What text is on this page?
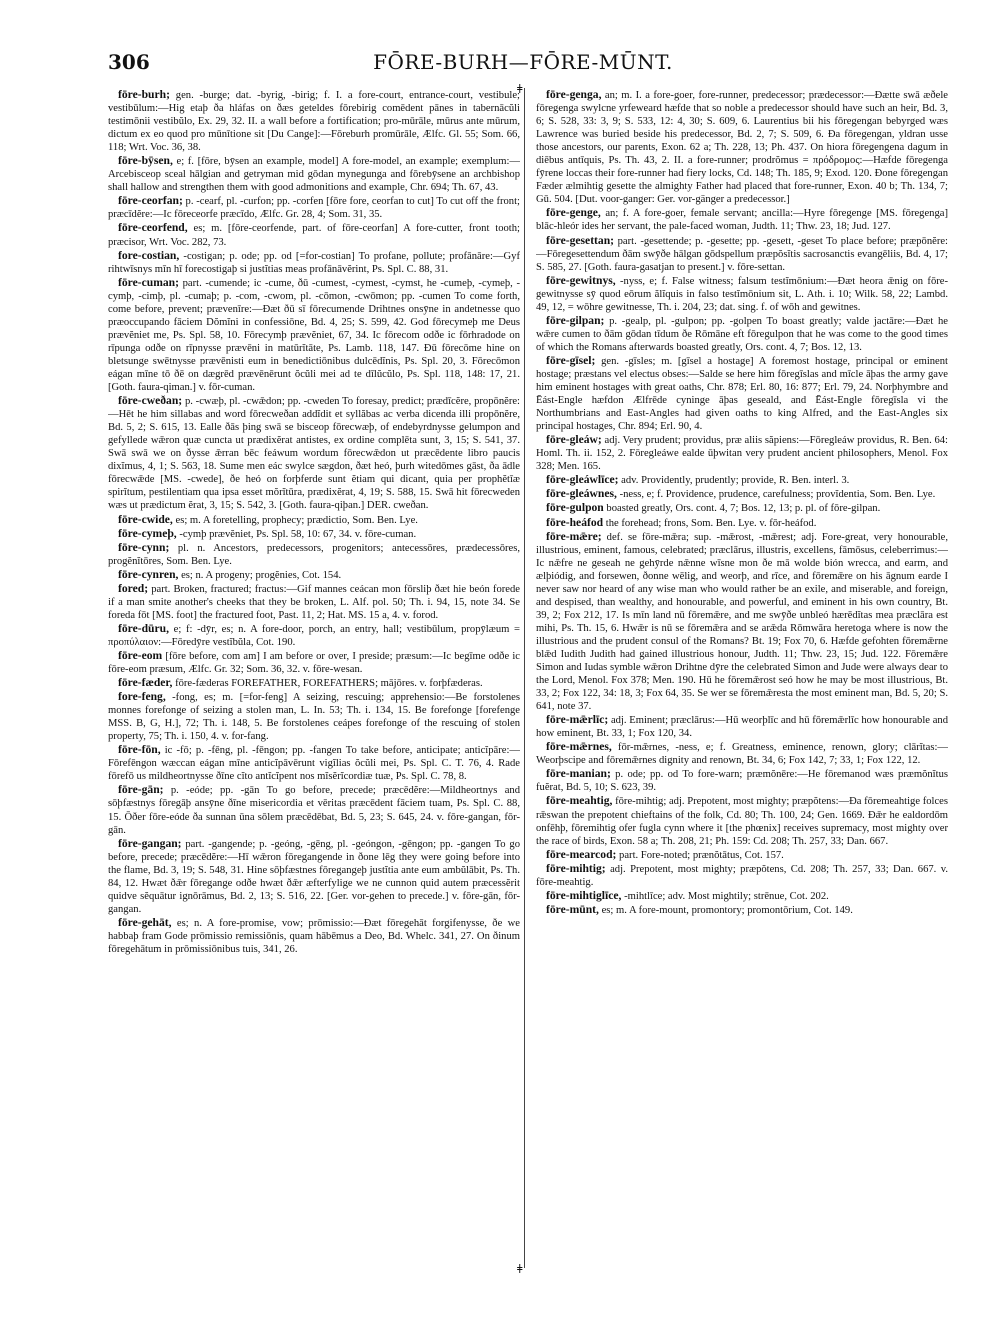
306	FŌRE-BURH—FŌRE-MŪNT.
ǂ
ǂ

fōre-burh; gen. -burge; dat. -byrig, -birig; f. I. a fore-court, entrance-court, vestibule; vestibūlum:—Hig etaþ ða hláfas on ðæs geteldes fōrebirig comēdent pānes in tabernācŭli testimōnii vestibŭlo, Ex. 29, 32. II. a wall before a fortification; pro-mūrāle, mūrus ante mūrum, dictum ex eo quod pro mūnītione sit [Du Cange]:—Fōreburh promūrāle, Ælfc. Gl. 55; Som. 66, 118; Wrt. Voc. 36, 38.

fōre-bȳsen, e; f. [fōre, bȳsen an example, model] A fore-model, an example; exemplum:—Arcebisceop sceal hālgian and getryman mid gōdan mynegunga and fōrebȳsene an archbishop shall hallow and strengthen them with good admonitions and example, Chr. 694; Th. 67, 43.

fōre-ceorfan; p. -cearf, pl. -curfon; pp. -corfen [fōre fore, ceorfan to cut] To cut off the front; præcīdĕre:—Ic fōreceorfe præcīdo, Ælfc. Gr. 28, 4; Som. 31, 35.

fōre-ceorfend, es; m. [fōre-ceorfende, part. of fōre-ceorfan] A fore-cutter, front tooth; præcisor, Wrt. Voc. 282, 73.

fore-costian, -costigan; p. ode; pp. od [=for-costian] To profane, pollute; profānāre:—Gyf rihtwīsnys mīn hī forecostigaþ si justĭtias meas profānāvĕrint, Ps. Spl. C. 88, 31.

fōre-cuman; part. -cumende; ic -cume, ðū -cumest, -cymest, -cymst, he -cumeþ, -cymeþ, -cymþ, -cimþ, pl. -cumaþ; p. -com, -cwom, pl. -cōmon, -cwōmon; pp. -cumen To come forth, come before, prevent; prævenīre:—Ðæt ðū sī fōrecumende Drihtnes onsȳne in andetnesse quo præoccupando fāciem Dŏmĭni in confessiōne, Bd. 4, 25; S. 599, 42. God fōrecymeþ me Deus prævĕniet me, Ps. Spl. 58, 10. Fōrecymþ prævĕniet, 67, 34. Ic fōrecom odðe ic fōrhradode on rīpunga odðe on rīpnysse prævēni in matūrĭtāte, Ps. Lamb. 118, 147. Ðū fōrecōme hine on bletsunge swētnysse prævēnisti eum in benedictiōnibus dulcēdĭnis, Ps. Spl. 20, 3. Fōrecōmon eágan mīne tō ðē on dægrēd prævēnērunt ŏcŭli mei ad te dīlŭcŭlo, Ps. Spl. 118, 148: 17, 21. [Goth. faura-qiman.] v. fōr-cuman.

fōre-cweðan; p. -cwæþ, pl. -cwǣdon; pp. -cweden To foresay, predict; prædīcĕre, propōnĕre:—Hēt he him sillabas and word fōrecweðan addĭdit et syllăbas ac verba dicenda illi propōnĕre, Bd. 5, 2; S. 615, 13. Ealle ðās þing swā se bisceop fōrecwæþ, of endebyrdnysse gelumpon and gefyllede wǣron quæ cuncta ut prædixĕrat antistes, ex ordine complēta sunt, 3, 15; S. 541, 37. Swā swā we on ðysse ǣrran bēc feáwum wordum fōrecwǣdon ut præcēdente libro paucis dixĭmus, 4, 1; S. 563, 18. Sume men eác swylce sægdon, ðæt heó, þurh witedōmes gāst, ða ādle fōrecwǣde [MS. -cwede], ðe heó on forþferde sunt ĕtiam qui dicant, quia per prophĕtīæ spirĭtum, pestilentiam qua ipsa esset mŏrĭtūra, prædixĕrat, 4, 19; S. 588, 15. Swā hit fōrecweden wæs ut prædictum ĕrat, 3, 15; S. 542, 3. [Goth. faura-qiþan.] DER. cweðan.

fōre-cwide, es; m. A foretelling, prophecy; prædictio, Som. Ben. Lye.

fōre-cymeþ, -cymþ prævĕniet, Ps. Spl. 58, 10: 67, 34. v. fōre-cuman.

fōre-cynn; pl. n. Ancestors, predecessors, progenitors; antecessōres, prædecessōres, progĕnĭtōres, Som. Ben. Lye.

fōre-cynren, es; n. A progeny; progĕnies, Cot. 154.

fored; part. Broken, fractured; fractus:—Gif mannes ceácan mon fōrsliþ ðæt hie beón forede if a man smite another's cheeks that they be broken, L. Alf. pol. 50; Th. i. 94, 15, note 34. Se foreda fōt [MS. foot] the fractured foot, Past. 11, 2; Hat. MS. 15 a, 4. v. forod.

fōre-dūru, e; f: -dȳr, es; n. A fore-door, porch, an entry, hall; vestibūlum, propȳlæum = προπύλαιον:—Fōredȳre vestĭbŭla, Cot. 190.

fōre-eom [fōre before, com am] I am before or over, I preside; præsum:—Ic begīme odðe ic fōre-eom præsum, Ælfc. Gr. 32; Som. 36, 32. v. fōre-wesan.

fōre-fæder, fōre-fæderas FOREFATHER, FOREFATHERS; mājōres. v. forþfæderas.

fore-feng, -fong, es; m. [=for-feng] A seizing, rescuing; apprehensio:—Be forstolenes monnes forefonge of seizing a stolen man, L. In. 53; Th. i. 134, 15. Be forefonge [forefenge MSS. B, G, H.], 72; Th. i. 148, 5. Be forstolenes ceápes forefonge of the rescuing of stolen property, 75; Th. i. 150, 4. v. for-fang.

fōre-fōn, ic -fō; p. -fēng, pl. -fēngon; pp. -fangen To take before, anticipate; anticĭpāre:—Fōrefēngon wæccan eágan mīne anticĭpāvērunt vigĭlias ŏcŭli mei, Ps. Spl. C. T. 76, 4. Rade fōrefō us mildheortnysse ðīne cĭto antĭcĭpent nos mĭsĕrĭcordiæ tuæ, Ps. Spl. C. 78, 8.

fōre-gān; p. -eóde; pp. -gān To go before, precede; præcēdĕre:—Mildheortnys and sōþfæstnys fōregāþ ansȳne ðīne misericordia et vēritas præcēdent fāciem tuam, Ps. Spl. C. 88, 15. Ōðer fōre-eóde ða sunnan ūna sōlem præcēdēbat, Bd. 5, 23; S. 645, 24. v. fōre-gangan, fōr-gān.

fōre-gangan; part. -gangende; p. -geóng, -gēng, pl. -geóngon, -gēngon; pp. -gangen To go before, precede; præcēdĕre:—Hī wǣron fōregangende in ðone lēg they were going before into the flame, Bd. 3, 19; S. 548, 31. Hine sōþfæstnes fōregangeþ justĭtia ante eum ambŭlābit, Ps. Th. 84, 12. Hwæt ðǣr fōregange odðe hwæt ðǣr æfterfylige we ne cunnon quid autem præcessĕrit quidve sĕquātur ignōrāmus, Bd. 2, 13; S. 516, 22. [Ger. vor-gehen to precede.] v. fōre-gān, fōr-gangan.

fōre-gehāt, es; n. A fore-promise, vow; prōmissio:—Ðæt fōregehāt forgifenysse, ðe we habbaþ fram Gode prōmissio remissiōnis, quam hābēmus a Deo, Bd. Whelc. 341, 27. On ðinum fōregehātum in prōmissiōnibus tuis, 341, 26.

fōre-genga, an; m. I. a fore-goer, fore-runner, predecessor; prædecessor:—Ðætte swā æðele fōregenga swylcne yrfeweard hæfde that so noble a predecessor should have such an heir, Bd. 3, 6; S. 528, 33: 3, 9; S. 533, 12: 4, 30; S. 609, 6. Laurentius bii his fōregengan bebyrged wæs Lawrence was buried beside his predecessor, Bd. 2, 7; S. 509, 6. Ða fōregengan, yldran usse those ancestors, our parents, Exon. 62 a; Th. 228, 13; Ph. 437. On hiora fōregengena dagum in diēbus antīquis, Ps. Th. 43, 2. II. a fore-runner; prodrŏmus = πρόδρομος:—Hæfde fōregenga fȳrene loccas their fore-runner had fiery locks, Cd. 148; Th. 185, 9; Exod. 120. Ðone fōregengan Fæder ælmihtig gesette the almighty Father had placed that fore-runner, Exon. 40 b; Th. 134, 7; Gū. 504. [Dut. voor-ganger: Ger. vor-gänger a predecessor.]

fōre-genge, an; f. A fore-goer, female servant; ancilla:—Hyre fōregenge [MS. fōregenga] blāc-hleór ides her servant, the pale-faced woman, Judth. 11; Thw. 23, 18; Jud. 127.

fōre-gesettan; part. -gesettende; p. -gesette; pp. -gesett, -geset To place before; præpōnĕre:—Fōregesettendum ðām swȳðe hālgan gōdspellum præpŏsĭtis sacrosanctis evangēliis, Bd. 4, 17; S. 585, 27. [Goth. faura-gasatjan to present.] v. fōre-settan.

fōre-gewitnys, -nyss, e; f. False witness; falsum testĭmōnium:—Ðæt heora ǣnig on fōre-gewitnysse sȳ quod eōrum ălĭquis in falso testĭmōnium sit, L. Ath. i. 10; Wilk. 58, 22; Lambd. 49, 12, = wōhre gewitnesse, Th. i. 204, 23; dat. sing. f. of wōh and gewitnes.

fōre-gilpan; p. -gealp, pl. -gulpon; pp. -golpen To boast greatly; valde jactāre:—Ðæt he wǣre cumen to ðām gōdan tīdum ðe Rōmāne eft fōregulpon that he was come to the good times of which the Romans afterwards boasted greatly, Ors. cont. 4, 7; Bos. 12, 13.

fōre-gīsel; gen. -gīsles; m. [gīsel a hostage] A foremost hostage, principal or eminent hostage; præstans vel electus obses:—Salde se here him fōregīslas and mīcle āþas the army gave him eminent hostages with great oaths, Chr. 878; Erl. 80, 16: 877; Erl. 79, 24. Norþhymbre and Ēást-Engle hæfdon Ælfrēde cyninge āþas geseald, and Ēást-Engle fōregīsla vi the Northumbrians and East-Angles had given oaths to king Alfred, and the East-Angles six principal hostages, Chr. 894; Erl. 90, 4.

fōre-gleáw; adj. Very prudent; providus, præ aliis săpiens:—Fōregleáw providus, R. Ben. 64: Homl. Th. ii. 152, 2. Fōregleáwe ealde ūþwitan very prudent ancient philosophers, Menol. Fox 328; Men. 165.

fōre-gleáwlīce; adv. Providently, prudently; provide, R. Ben. interl. 3.

fōre-gleáwnes, -ness, e; f. Providence, prudence, carefulness; provĭdentia, Som. Ben. Lye.

fōre-gulpon boasted greatly, Ors. cont. 4, 7; Bos. 12, 13; p. pl. of fōre-gilpan.

fōre-heáfod the forehead; frons, Som. Ben. Lye. v. fōr-heáfod.

fōre-mǣre; def. se fōre-mǣra; sup. -mǣrost, -mǣrest; adj. Fore-great, very honourable, illustrious, eminent, famous, celebrated; præclārus, illustris, excellens, fāmōsus, celeberrimus:—Ic nǣfre ne geseah ne gehȳrde nǣnne wīsne mon ðe mā wolde bión wrecca, and earm, and ælþiódig, and forsewen, ðonne wēlig, and weorþ, and rīce, and fōremǣre on his āgnum earde I never saw nor heard of any wise man who would rather be an exile, and miserable, and foreign, and despised, than wealthy, and honourable, and powerful, and eminent in his own country, Bt. 39, 2; Fox 212, 17. Is mīn land nū fōremǣre, and me swȳðe unbleó hærēdĭtas mea præclāra est mihi, Ps. Th. 15, 6. Hwǣr is nū se fōremǣra and se arǣda Rōmwāra heretoga where is now the illustrious and the prudent consul of the Romans? Bt. 19; Fox 70, 6. Hæfde gefohten fōremǣrne blǣd Iudith Judith had gained illustrious honour, Judth. 11; Thw. 23, 15; Jud. 122. Fōremǣre Simon and Iudas symble wǣron Drihtne dȳre the celebrated Simon and Jude were always dear to the Lord, Menol. Fox 378; Men. 190. Hū he fōremǣrost seó how he may be most illustrious, Bt. 33, 2; Fox 122, 34: 18, 3; Fox 64, 35. Se wer se fōremǣresta the most eminent man, Bd. 5, 20; S. 641, note 37.

fōre-mǣrlīc; adj. Eminent; præclārus:—Hū weorþlīc and hū fōremǣrlīc how honourable and how eminent, Bt. 33, 1; Fox 120, 34.

fōre-mǣrnes, fōr-mǣrnes, -ness, e; f. Greatness, eminence, renown, glory; clārĭtas:—Weorþscipe and fōremǣrnes dignity and renown, Bt. 34, 6; Fox 142, 7; 33, 1; Fox 122, 12.

fōre-manian; p. ode; pp. od To fore-warn; præmŏnēre:—He fōremanod wæs præmŏnĭtus fuĕrat, Bd. 5, 10; S. 623, 39.

fōre-meahtig, fōre-mihtig; adj. Prepotent, most mighty; præpŏtens:—Ða fōremeahtige folces rǣswan the prepotent chieftains of the folk, Cd. 80; Th. 100, 24; Gen. 1669. Ðǣr he ealdordōm onfēhþ, fōremihtig ofer fugla cynn where it [the phœnix] receives supremacy, most mighty over the race of birds, Exon. 58 a; Th. 208, 21; Ph. 159: Cd. 208; Th. 257, 33; Dan. 667.

fōre-mearcod; part. Fore-noted; prænŏtātus, Cot. 157.

fōre-mihtig; adj. Prepotent, most mighty; præpŏtens, Cd. 208; Th. 257, 33; Dan. 667. v. fōre-meahtig.

fōre-mihtiglīce, -mihtlīce; adv. Most mightily; strēnue, Cot. 202.

fōre-mūnt, es; m. A fore-mount, promontory; promontōrium, Cot. 149.
